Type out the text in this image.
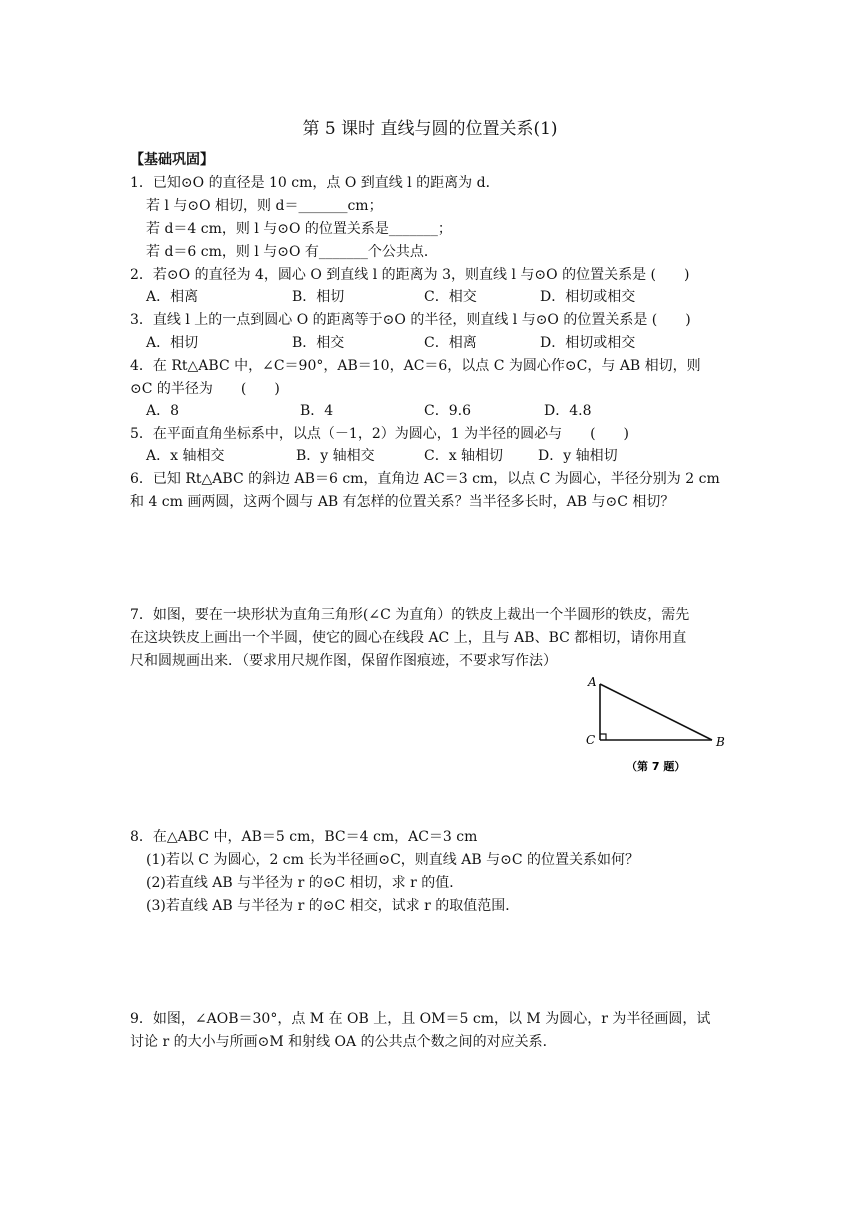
第 5 课时 直线与圆的位置关系(1)
【基础巩固】
1．已知⊙O 的直径是 10 cm，点 O 到直线 l 的距离为 d．
若 l 与⊙O 相切，则 d＝_______cm；
若 d＝4 cm，则 l 与⊙O 的位置关系是_______；
若 d＝6 cm，则 l 与⊙O 有_______个公共点．
2．若⊙O 的直径为 4，圆心 O 到直线 l 的距离为 3，则直线 l 与⊙O 的位置关系是 (　　)
A．相离	B．相切	C．相交	D．相切或相交
3．直线 l 上的一点到圆心 O 的距离等于⊙O 的半径，则直线 l 与⊙O 的位置关系是 (　　)
A．相切	B．相交	C．相离	D．相切或相交
4．在 Rt△ABC 中，∠C＝90°，AB＝10，AC＝6，以点 C 为圆心作⊙C，与 AB 相切，则
⊙C 的半径为　　(　　)
A．8	B．4	C．9.6	D．4.8
5．在平面直角坐标系中，以点（－1，2）为圆心，1 为半径的圆必与　　(　　)
A．x 轴相交	B．y 轴相交	C．x 轴相切 D．y 轴相切
6．已知 Rt△ABC 的斜边 AB＝6 cm，直角边 AC＝3 cm，以点 C 为圆心，半径分别为 2 cm
和 4 cm 画两圆，这两个圆与 AB 有怎样的位置关系？当半径多长时，AB 与⊙C 相切？
7．如图，要在一块形状为直角三角形(∠C 为直角）的铁皮上裁出一个半圆形的铁皮，需先
在这块铁皮上画出一个半圆，使它的圆心在线段 AC 上，且与 AB、BC 都相切，请你用直
尺和圆规画出来．（要求用尺规作图，保留作图痕迹，不要求写作法）
A
C	B
（第 7 题）
8．在△ABC 中，AB＝5 cm，BC＝4 cm，AC＝3 cm
(1)若以 C 为圆心，2 cm 长为半径画⊙C，则直线 AB 与⊙C 的位置关系如何？
(2)若直线 AB 与半径为 r 的⊙C 相切，求 r 的值．
(3)若直线 AB 与半径为 r 的⊙C 相交，试求 r 的取值范围．
9．如图，∠AOB＝30°，点 M 在 OB 上，且 OM＝5 cm，以 M 为圆心，r 为半径画圆，试
讨论 r 的大小与所画⊙M 和射线 OA 的公共点个数之间的对应关系．
